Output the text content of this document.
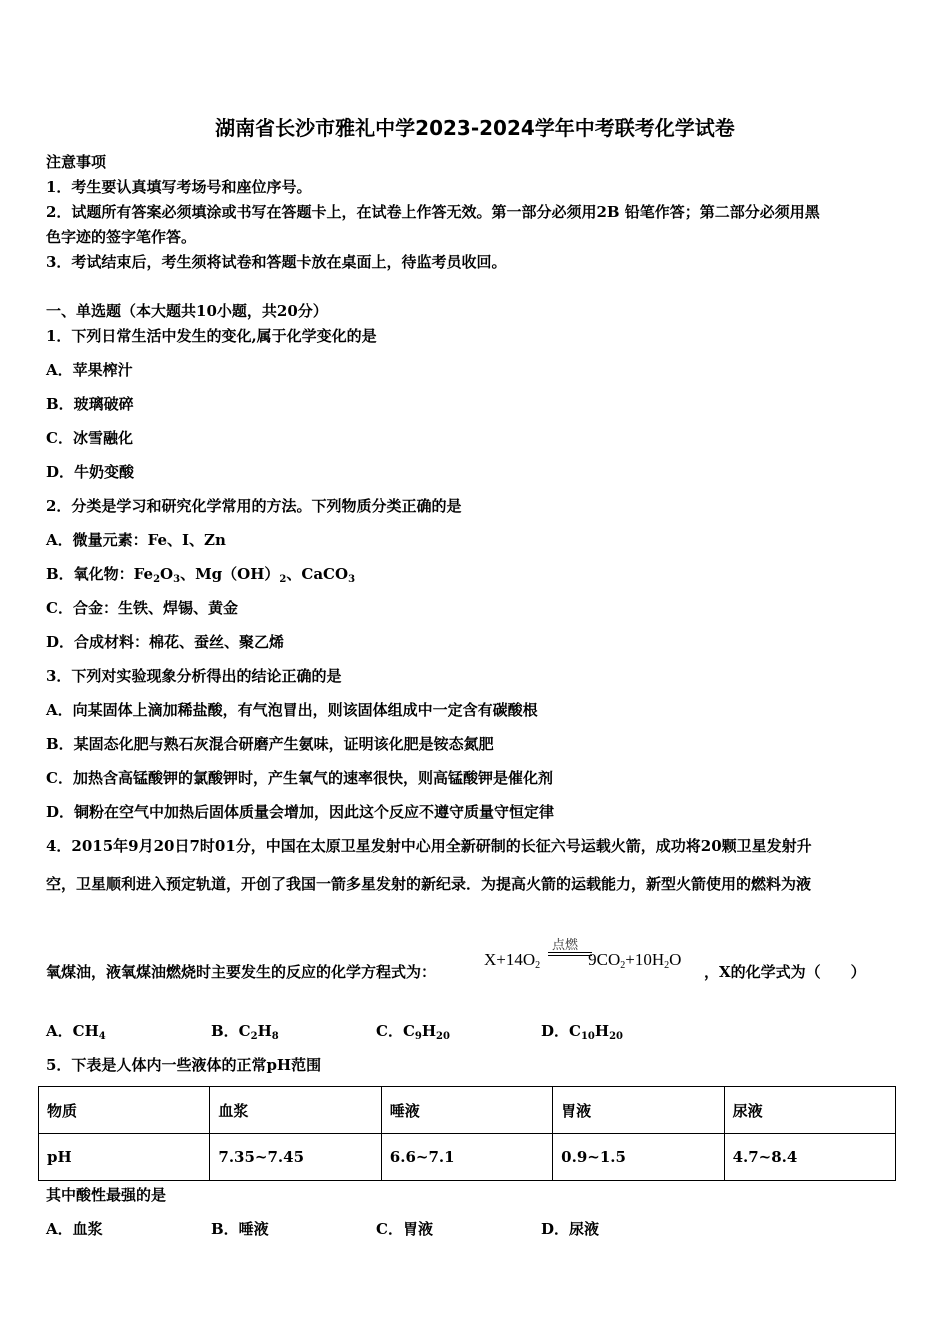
湖南省长沙市雅礼中学2023-2024学年中考联考化学试卷
注意事项
1．考生要认真填写考场号和座位序号。
2．试题所有答案必须填涂或书写在答题卡上，在试卷上作答无效。第一部分必须用2B 铅笔作答；第二部分必须用黑
色字迹的签字笔作答。
3．考试结束后，考生须将试卷和答题卡放在桌面上，待监考员收回。
一、单选题（本大题共10小题，共20分）
1．下列日常生活中发生的变化,属于化学变化的是
A．苹果榨汁
B．玻璃破碎
C．冰雪融化
D．牛奶变酸
2．分类是学习和研究化学常用的方法。下列物质分类正确的是
A．微量元素：Fe、I、Zn
B．氧化物：$Fe_2O_3$、$Mg(OH)_2$、CaCO$_3$
C．合金：生铁、焊锡、黄金
D．合成材料：棉花、蚕丝、聚乙烯
3．下列对实验现象分析得出的结论正确的是
A．向某固体上滴加稀盐酸，有气泡冒出，则该固体组成中一定含有碳酸根
B．某固态化肥与熟石灰混合研磨产生氨味，证明该化肥是铵态氮肥
C．加热含高锰酸钾的氯酸钾时，产生氧气的速率很快，则高锰酸钾是催化剂
D．铜粉在空气中加热后固体质量会增加，因此这个反应不遵守质量守恒定律
4．2015年9月20日7时01分，中国在太原卫星发射中心用全新研制的长征六号运载火箭，成功将20颗卫星发射升
空，卫星顺利进入预定轨道，开创了我国一箭多星发射的新纪录．为提高火箭的运载能力，新型火箭使用的燃料为液
氧煤油，液氧煤油燃烧时主要发生的反应的化学方程式为：
点燃
$X+14O_2$	$9CO_2+10H_2O$
，X的化学式为（　　）
A．$CH_4$	B．$C_2H_8$	C．$C_9H_{20}$	D．$C_{10}H_{20}$
5．下表是人体内一些液体的正常pH范围
物质	血浆	唾液	胃液	尿液
pH	7.35~7.45	6.6~7.1	0.9~1.5	4.7~8.4
其中酸性最强的是
A．血浆	B．唾液	C．胃液	D．尿液
